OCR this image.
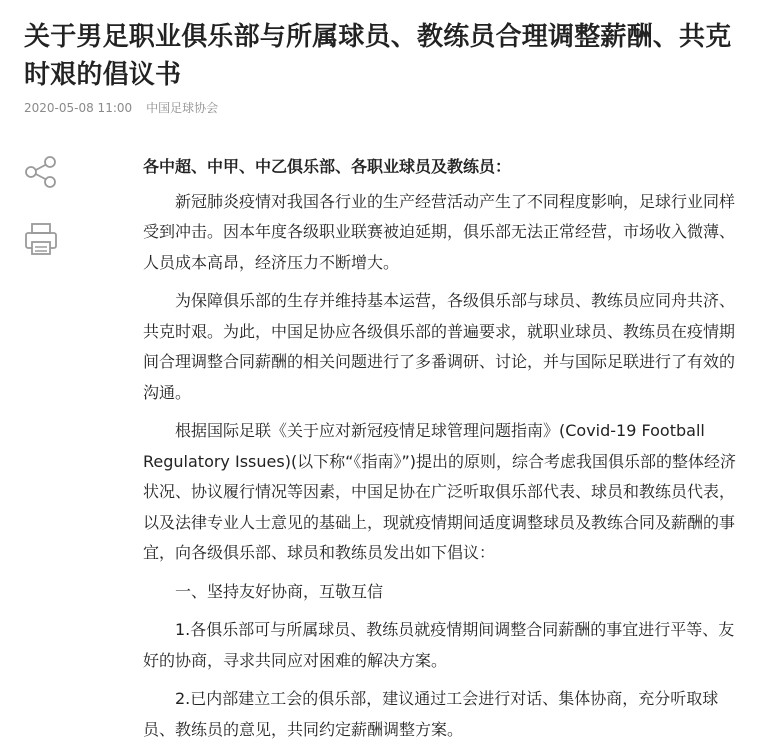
关于男足职业俱乐部与所属球员、教练员合理调整薪酬、共克时艰的倡议书
2020-05-08 11:00 中国足球协会

各中超、中甲、中乙俱乐部、各职业球员及教练员：

新冠肺炎疫情对我国各行业的生产经营活动产生了不同程度影响，足球行业同样受到冲击。因本年度各级职业联赛被迫延期，俱乐部无法正常经营，市场收入微薄、人员成本高昂，经济压力不断增大。

为保障俱乐部的生存并维持基本运营，各级俱乐部与球员、教练员应同舟共济、共克时艰。为此，中国足协应各级俱乐部的普遍要求，就职业球员、教练员在疫情期间合理调整合同薪酬的相关问题进行了多番调研、讨论，并与国际足联进行了有效的沟通。

根据国际足联《关于应对新冠疫情足球管理问题指南》(Covid-19 Football Regulatory Issues)(以下称“《指南》”)提出的原则，综合考虑我国俱乐部的整体经济状况、协议履行情况等因素，中国足协在广泛听取俱乐部代表、球员和教练员代表，以及法律专业人士意见的基础上，现就疫情期间适度调整球员及教练合同及薪酬的事宜，向各级俱乐部、球员和教练员发出如下倡议：

一、坚持友好协商，互敬互信

1.各俱乐部可与所属球员、教练员就疫情期间调整合同薪酬的事宜进行平等、友好的协商，寻求共同应对困难的解决方案。

2.已内部建立工会的俱乐部，建议通过工会进行对话、集体协商，充分听取球员、教练员的意见，共同约定薪酬调整方案。
